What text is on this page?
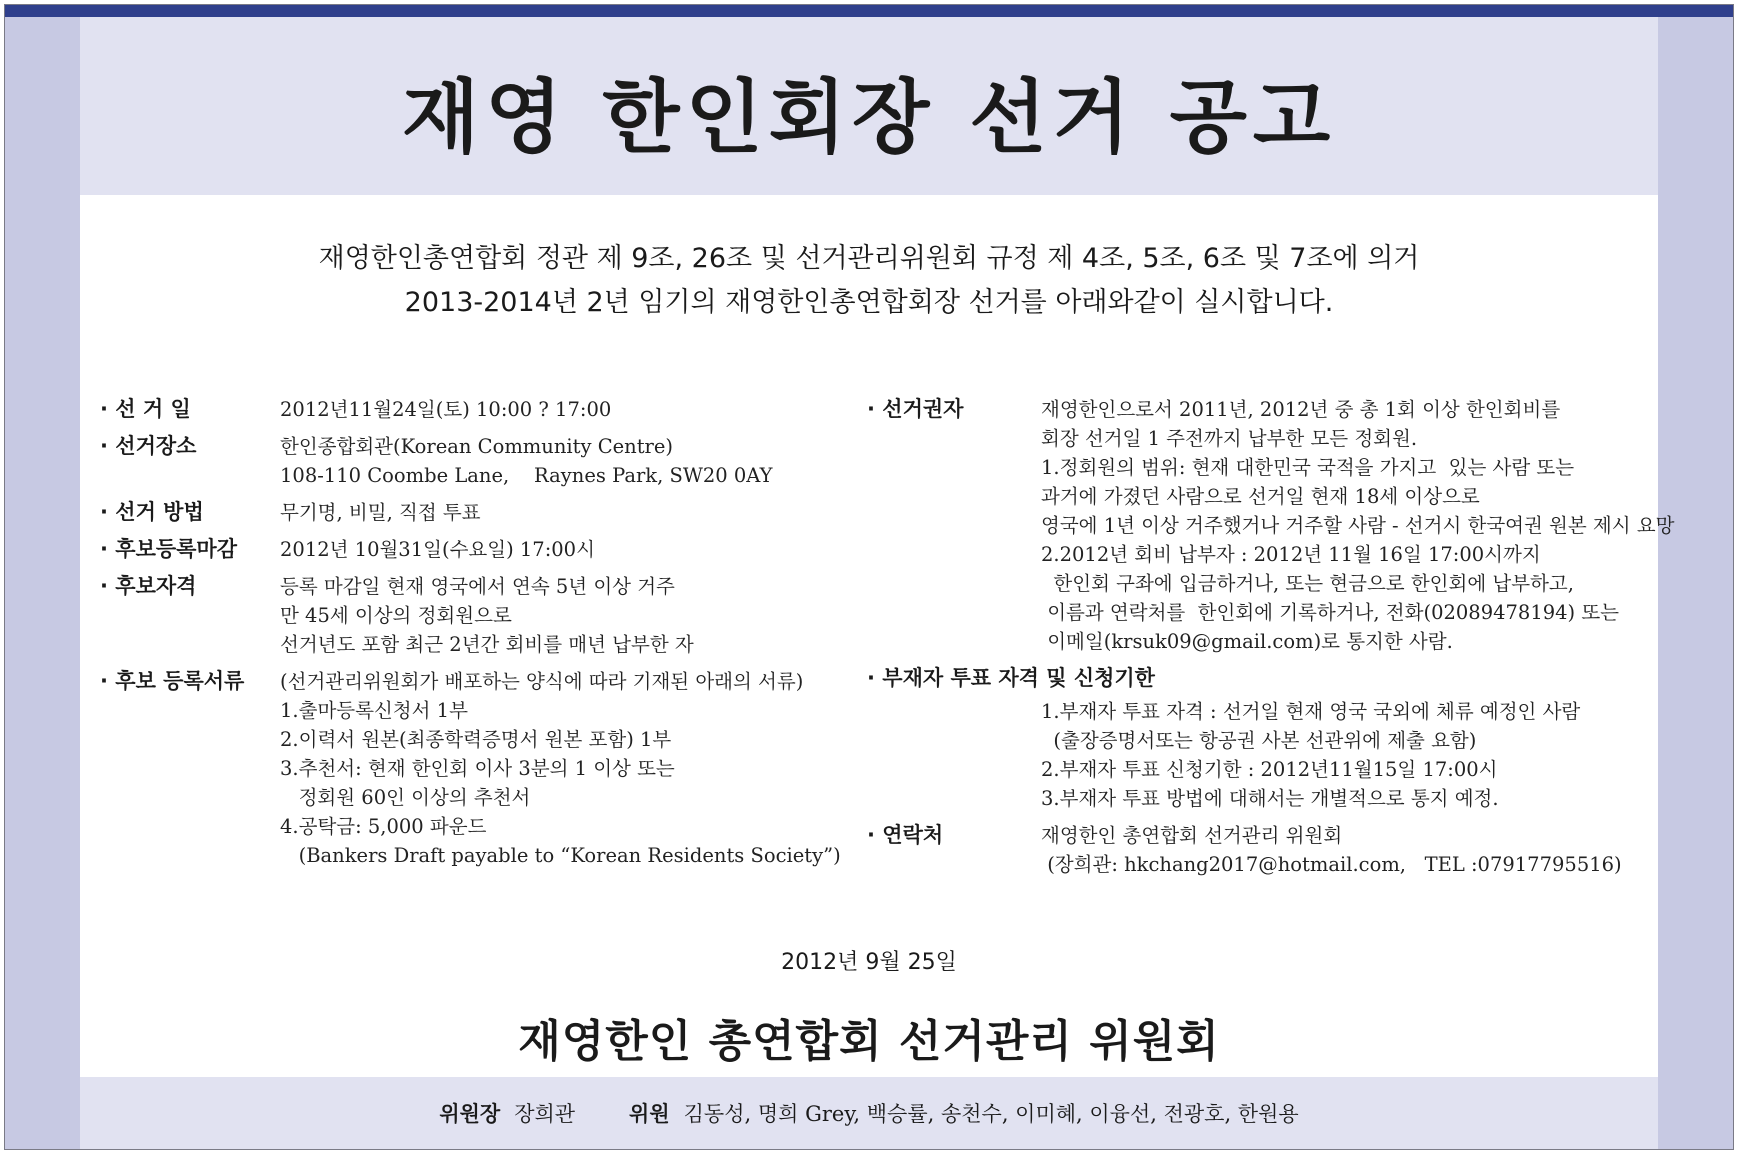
재영 한인회장 선거 공고
재영한인총연합회 정관 제 9조, 26조 및 선거관리위원회 규정 제 4조, 5조, 6조 및 7조에 의거
2013-2014년 2년 임기의 재영한인총연합회장 선거를 아래와같이 실시합니다.
· 선 거 일	2012년11월24일(토) 10:00 ? 17:00
· 선거장소	한인종합회관(Korean Community Centre)
108-110 Coombe Lane,    Raynes Park, SW20 0AY
· 선거 방법	무기명, 비밀, 직접 투표
· 후보등록마감	2012년 10월31일(수요일) 17:00시
· 후보자격	등록 마감일 현재 영국에서 연속 5년 이상 거주
만 45세 이상의 정회원으로
선거년도 포함 최근 2년간 회비를 매년 납부한 자
· 후보 등록서류	(선거관리위원회가 배포하는 양식에 따라 기재된 아래의 서류)
1.출마등록신청서 1부
2.이력서 원본(최종학력증명서 원본 포함) 1부
3.추천서: 현재 한인회 이사 3분의 1 이상 또는
정회원 60인 이상의 추천서
4.공탁금: 5,000 파운드
(Bankers Draft payable to “Korean Residents Society”)
· 선거권자	재영한인으로서 2011년, 2012년 중 총 1회 이상 한인회비를
회장 선거일 1 주전까지 납부한 모든 정회원.
1.정회원의 범위: 현재 대한민국 국적을 가지고  있는 사람 또는
과거에 가졌던 사람으로 선거일 현재 18세 이상으로
영국에 1년 이상 거주했거나 거주할 사람 - 선거시 한국여권 원본 제시 요망
2.2012년 회비 납부자 : 2012년 11월 16일 17:00시까지
한인회 구좌에 입금하거나, 또는 현금으로 한인회에 납부하고,
이름과 연락처를  한인회에 기록하거나, 전화(02089478194) 또는
이메일(krsuk09@gmail.com)로 통지한 사람.
· 부재자 투표 자격 및 신청기한
1.부재자 투표 자격 : 선거일 현재 영국 국외에 체류 예정인 사람
(출장증명서또는 항공권 사본 선관위에 제출 요함)
2.부재자 투표 신청기한 : 2012년11월15일 17:00시
3.부재자 투표 방법에 대해서는 개별적으로 통지 예정.
· 연락처	재영한인 총연합회 선거관리 위원회
(장희관: hkchang2017@hotmail.com,   TEL :07917795516)
2012년 9월 25일
재영한인 총연합회 선거관리 위원회
위원장 장희관	위원 김동성, 명희 Grey, 백승률, 송천수, 이미혜, 이융선, 전광호, 한원용
